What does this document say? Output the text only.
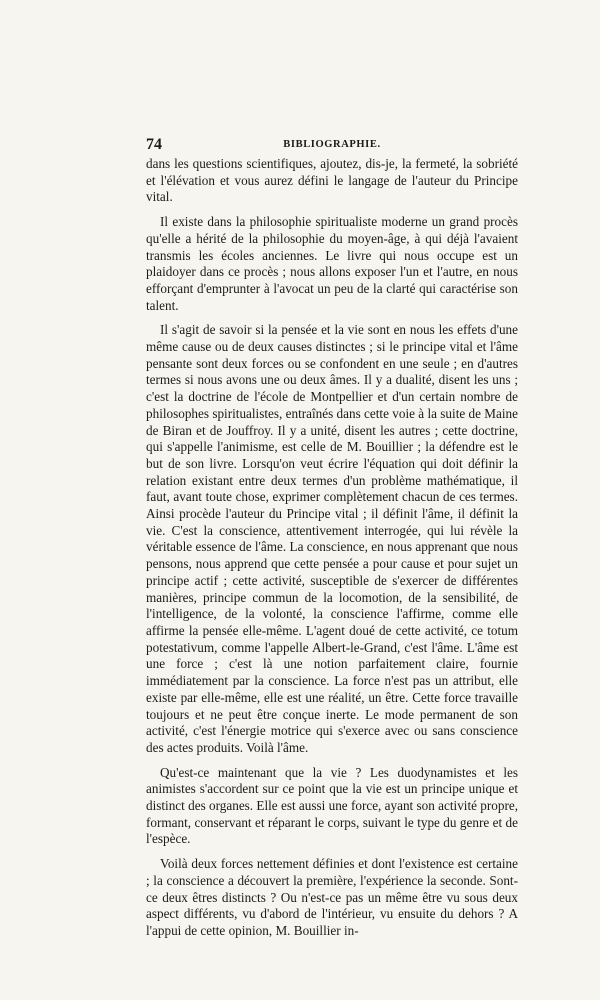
74	BIBLIOGRAPHIE.

dans les questions scientifiques, ajoutez, dis-je, la fermeté, la sobriété et l'élévation et vous aurez défini le langage de l'auteur du Principe vital.

Il existe dans la philosophie spiritualiste moderne un grand procès qu'elle a hérité de la philosophie du moyen-âge, à qui déjà l'avaient transmis les écoles anciennes. Le livre qui nous occupe est un plaidoyer dans ce procès ; nous allons exposer l'un et l'autre, en nous efforçant d'emprunter à l'avocat un peu de la clarté qui caractérise son talent.

Il s'agit de savoir si la pensée et la vie sont en nous les effets d'une même cause ou de deux causes distinctes ; si le principe vital et l'âme pensante sont deux forces ou se confondent en une seule ; en d'autres termes si nous avons une ou deux âmes. Il y a dualité, disent les uns ; c'est la doctrine de l'école de Montpellier et d'un certain nombre de philosophes spiritualistes, entraînés dans cette voie à la suite de Maine de Biran et de Jouffroy. Il y a unité, disent les autres ; cette doctrine, qui s'appelle l'animisme, est celle de M. Bouillier ; la défendre est le but de son livre. Lorsqu'on veut écrire l'équation qui doit définir la relation existant entre deux termes d'un problème mathématique, il faut, avant toute chose, exprimer complètement chacun de ces termes. Ainsi procède l'auteur du Principe vital ; il définit l'âme, il définit la vie. C'est la conscience, attentivement interrogée, qui lui révèle la véritable essence de l'âme. La conscience, en nous apprenant que nous pensons, nous apprend que cette pensée a pour cause et pour sujet un principe actif ; cette activité, susceptible de s'exercer de différentes manières, principe commun de la locomotion, de la sensibilité, de l'intelligence, de la volonté, la conscience l'affirme, comme elle affirme la pensée elle-même. L'agent doué de cette activité, ce totum potestativum, comme l'appelle Albert-le-Grand, c'est l'âme. L'âme est une force ; c'est là une notion parfaitement claire, fournie immédiatement par la conscience. La force n'est pas un attribut, elle existe par elle-même, elle est une réalité, un être. Cette force travaille toujours et ne peut être conçue inerte. Le mode permanent de son activité, c'est l'énergie motrice qui s'exerce avec ou sans conscience des actes produits. Voilà l'âme.

Qu'est-ce maintenant que la vie ? Les duodynamistes et les animistes s'accordent sur ce point que la vie est un principe unique et distinct des organes. Elle est aussi une force, ayant son activité propre, formant, conservant et réparant le corps, suivant le type du genre et de l'espèce.

Voilà deux forces nettement définies et dont l'existence est certaine ; la conscience a découvert la première, l'expérience la seconde. Sont-ce deux êtres distincts ? Ou n'est-ce pas un même être vu sous deux aspect différents, vu d'abord de l'intérieur, vu ensuite du dehors ? A l'appui de cette opinion, M. Bouillier in-
